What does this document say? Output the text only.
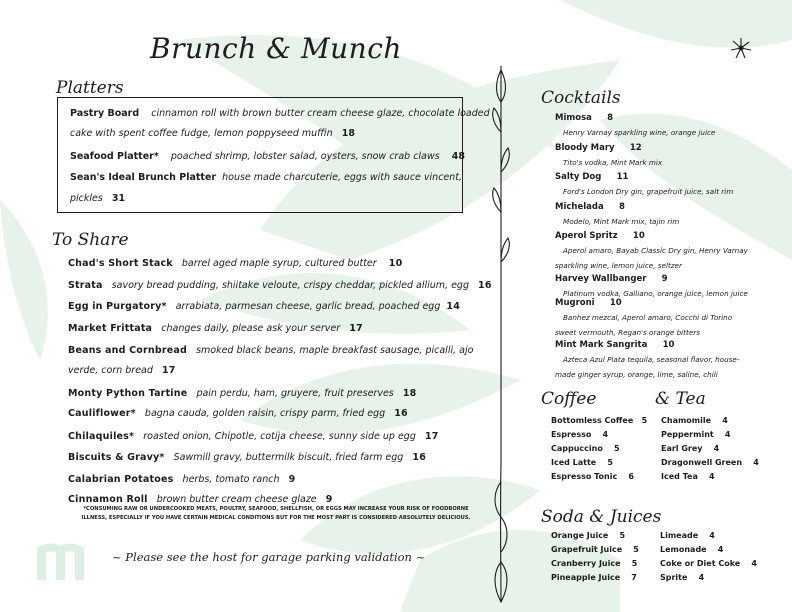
Brunch & Munch
Platters
Pastry Board cinnamon roll with brown butter cream cheese glaze, chocolate loaded
cake with spent coffee fudge, lemon poppyseed muffin 18
Seafood Platter* poached shrimp, lobster salad, oysters, snow crab claws 48
Sean's Ideal Brunch Platter house made charcuterie, eggs with sauce vincent,
pickles 31
To Share
Chad's Short Stack barrel aged maple syrup, cultured butter 10
Strata savory bread pudding, shiitake veloute, crispy cheddar, pickled allium, egg 16
Egg in Purgatory* arrabiata, parmesan cheese, garlic bread, poached egg 14
Market Frittata changes daily, please ask your server 17
Beans and Cornbread smoked black beans, maple breakfast sausage, picalli, ajo
verde, corn bread 17
Monty Python Tartine pain perdu, ham, gruyere, fruit preserves 18
Cauliflower* bagna cauda, golden raisin, crispy parm, fried egg 16
Chilaquiles* roasted onion, Chipotle, cotija cheese, sunny side up egg 17
Biscuits & Gravy* Sawmill gravy, buttermilk biscuit, fried farm egg 16
Calabrian Potatoes herbs, tomato ranch 9
Cinnamon Roll brown butter cream cheese glaze 9
*CONSUMING RAW OR UNDERCOOKED MEATS, POULTRY, SEAFOOD, SHELLFISH, OR EGGS MAY INCREASE YOUR RISK OF FOODBORNE
ILLNESS, ESPECIALLY IF YOU HAVE CERTAIN MEDICAL CONDITIONS BUT FOR THE MOST PART IS CONSIDERED ABSOLUTELY DELICIOUS.
~ Please see the host for garage parking validation ~
Cocktails
Mimosa 8
Henry Varnay sparkling wine, orange juice
Bloody Mary 12
Tito's vodka, Mint Mark mix
Salty Dog 11
Ford's London Dry gin, grapefruit juice, salt rim
Michelada 8
Modelo, Mint Mark mix, tajin rim
Aperol Spritz 10
Aperol amaro, Bayab Classic Dry gin, Henry Varnay
sparkling wine, lemon juice, seltzer
Harvey Wallbanger 9
Platinum vodka, Galliano, orange juice, lemon juice
Mugroni 10
Banhez mezcal, Aperol amaro, Cocchi di Torino
sweet vermouth, Regan's orange bitters
Mint Mark Sangrita 10
Azteca Azul Plata tequila, seasonal flavor, house-
made ginger syrup, orange, lime, saline, chili
Coffee	& Tea
Bottomless Coffee 5
Espresso 4
Cappuccino 5
Iced Latte 5
Espresso Tonic 6
Chamomile 4
Peppermint 4
Earl Grey 4
Dragonwell Green 4
Iced Tea 4
Soda & Juices
Orange Juice 5
Grapefruit Juice 5
Cranberry Juice 5
Pineapple Juice 7
Limeade 4
Lemonade 4
Coke or Diet Coke 4
Sprite 4
